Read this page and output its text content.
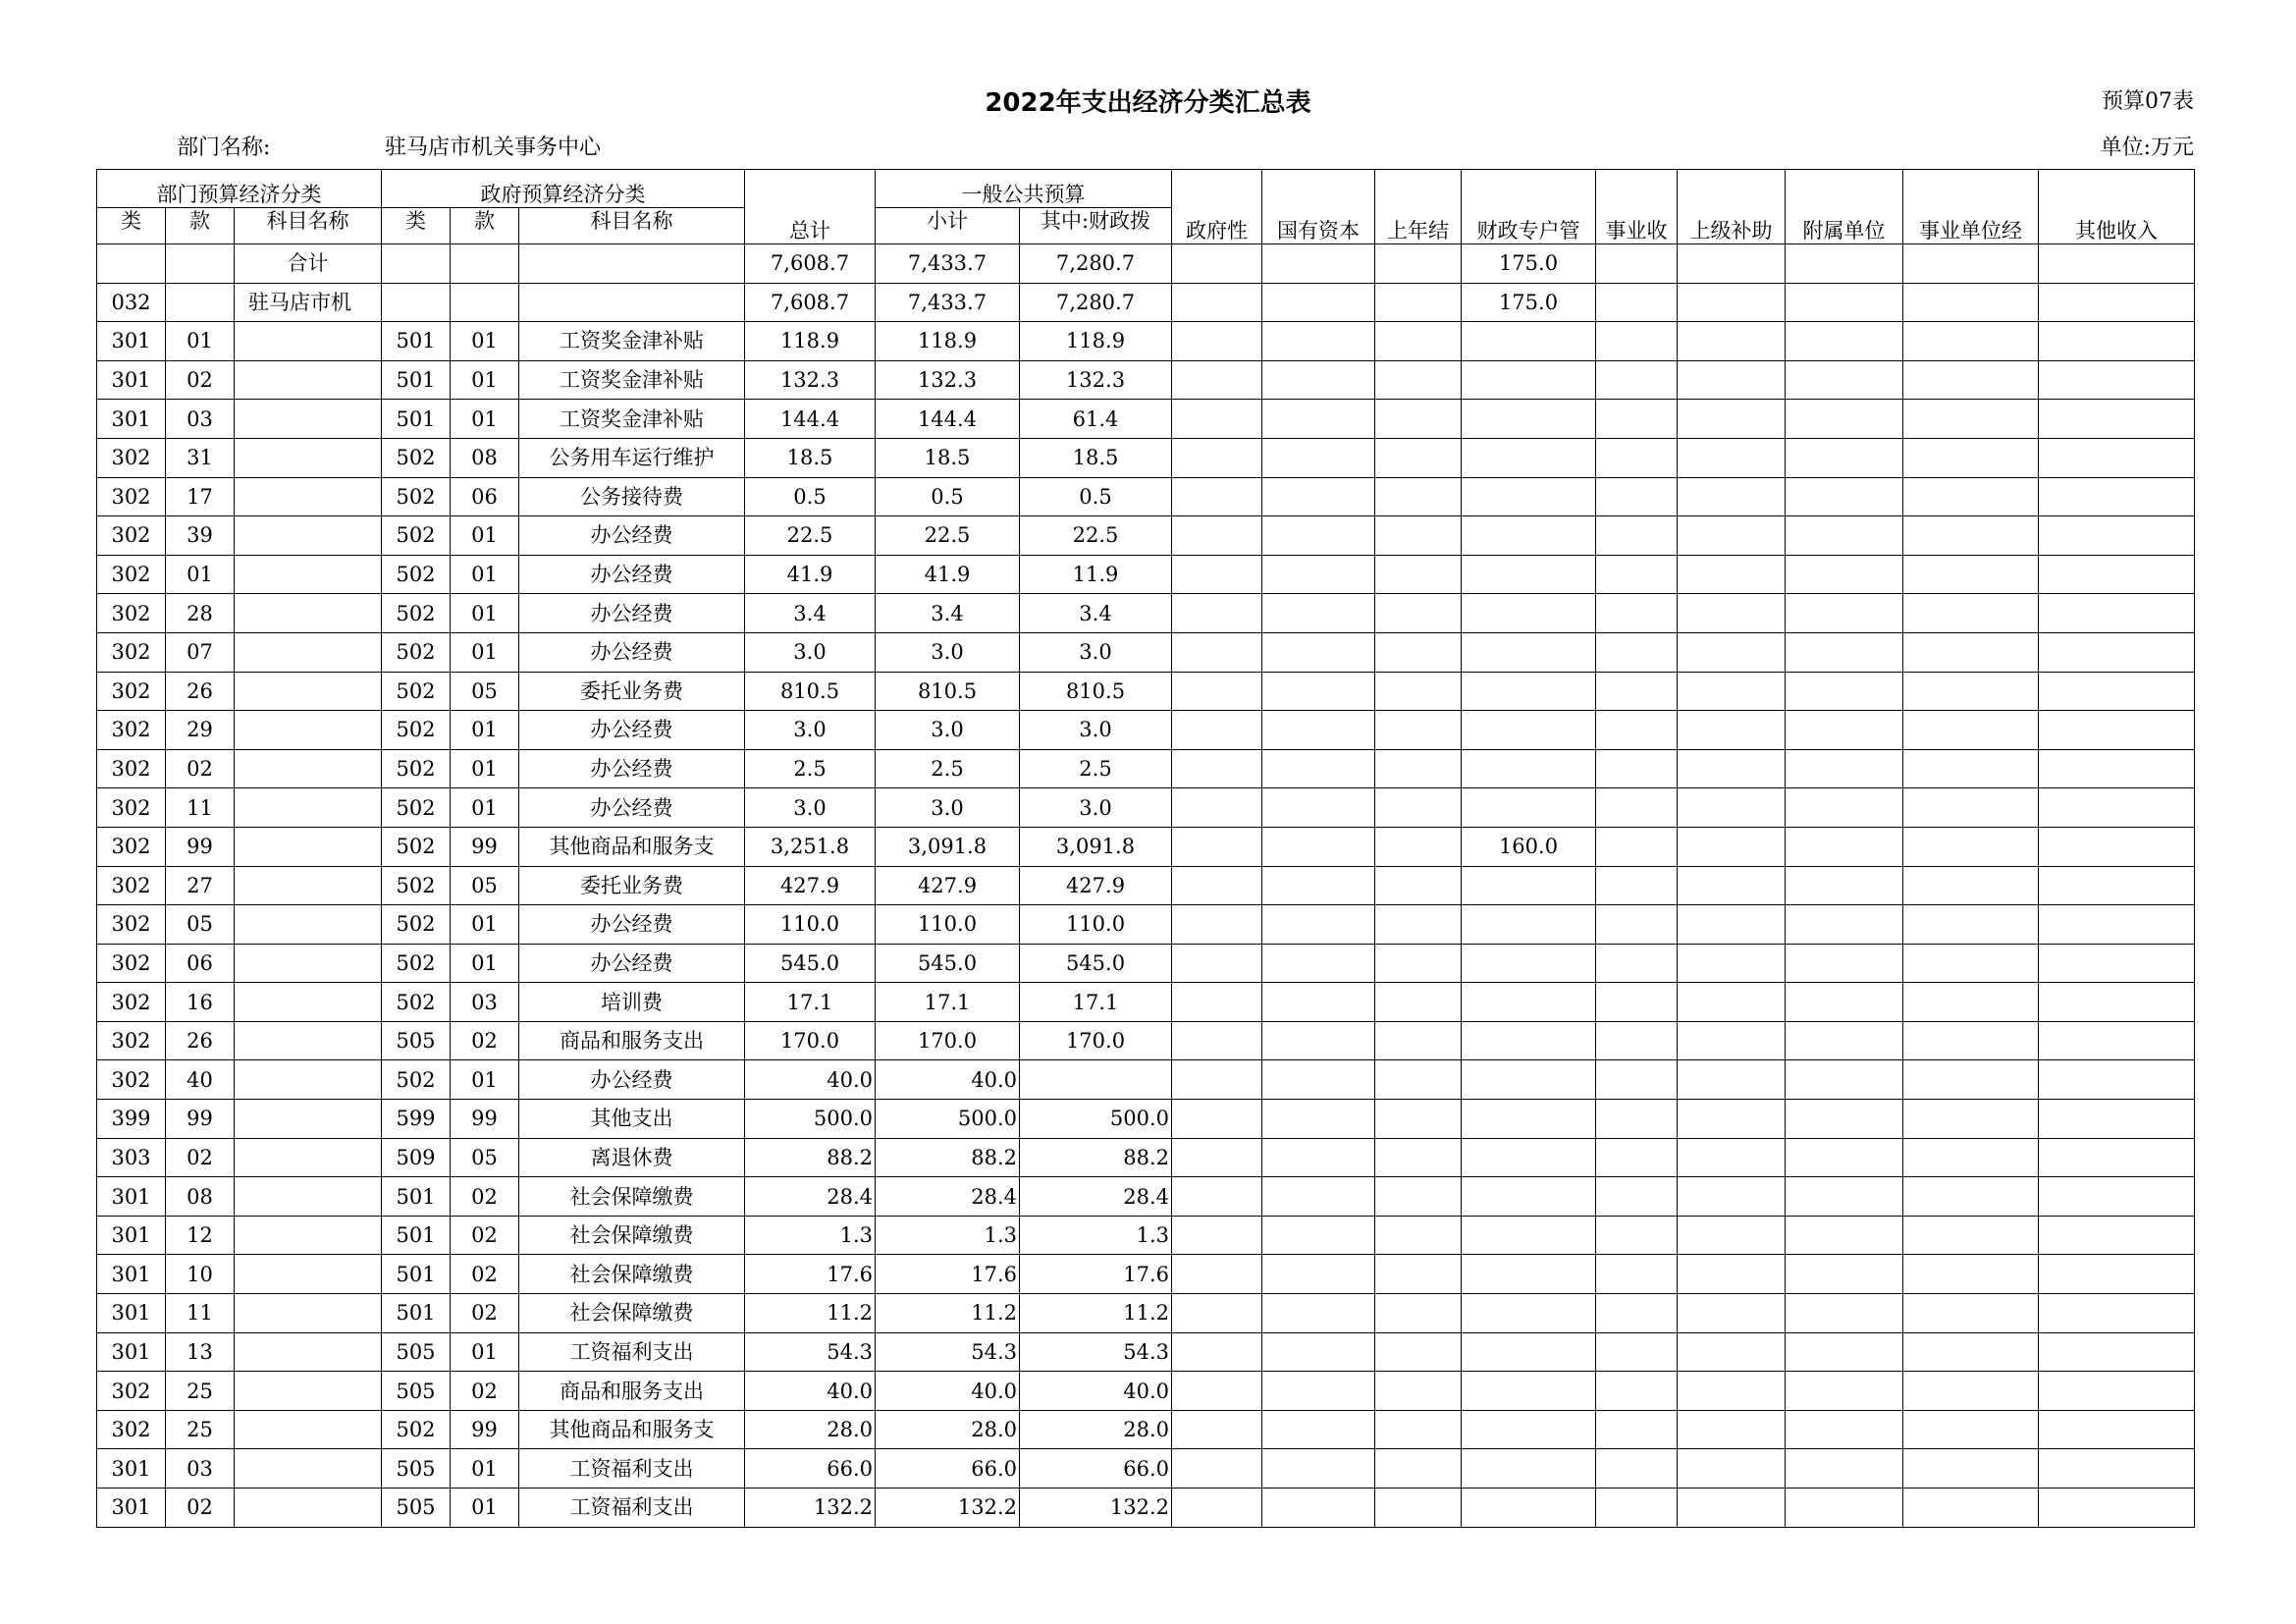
2022年支出经济分类汇总表	预算07表
部门名称:	驻马店市机关事务中心	单位:万元
部门预算经济分类			政府预算经济分类			总计	一般公共预算		政府性	国有资本	上年结	财政专户管	事业收	上级补助	附属单位	事业单位经	其他收入
类	款	科目名称	类	款	科目名称		小计	其中:财政拨									
		合计				7,608.7	7,433.7	7,280.7				175.0					
032		驻马店市机				7,608.7	7,433.7	7,280.7				175.0					
301	01		501	01	工资奖金津补贴	118.9	118.9	118.9									
301	02		501	01	工资奖金津补贴	132.3	132.3	132.3									
301	03		501	01	工资奖金津补贴	144.4	144.4	61.4									
302	31		502	08	公务用车运行维护	18.5	18.5	18.5									
302	17		502	06	公务接待费	0.5	0.5	0.5									
302	39		502	01	办公经费	22.5	22.5	22.5									
302	01		502	01	办公经费	41.9	41.9	11.9									
302	28		502	01	办公经费	3.4	3.4	3.4									
302	07		502	01	办公经费	3.0	3.0	3.0									
302	26		502	05	委托业务费	810.5	810.5	810.5									
302	29		502	01	办公经费	3.0	3.0	3.0									
302	02		502	01	办公经费	2.5	2.5	2.5									
302	11		502	01	办公经费	3.0	3.0	3.0									
302	99		502	99	其他商品和服务支	3,251.8	3,091.8	3,091.8				160.0					
302	27		502	05	委托业务费	427.9	427.9	427.9									
302	05		502	01	办公经费	110.0	110.0	110.0									
302	06		502	01	办公经费	545.0	545.0	545.0									
302	16		502	03	培训费	17.1	17.1	17.1									
302	26		505	02	商品和服务支出	170.0	170.0	170.0									
302	40		502	01	办公经费	40.0	40.0										
399	99		599	99	其他支出	500.0	500.0	500.0									
303	02		509	05	离退休费	88.2	88.2	88.2									
301	08		501	02	社会保障缴费	28.4	28.4	28.4									
301	12		501	02	社会保障缴费	1.3	1.3	1.3									
301	10		501	02	社会保障缴费	17.6	17.6	17.6									
301	11		501	02	社会保障缴费	11.2	11.2	11.2									
301	13		505	01	工资福利支出	54.3	54.3	54.3									
302	25		505	02	商品和服务支出	40.0	40.0	40.0									
302	25		502	99	其他商品和服务支	28.0	28.0	28.0									
301	03		505	01	工资福利支出	66.0	66.0	66.0									
301	02		505	01	工资福利支出	132.2	132.2	132.2									
